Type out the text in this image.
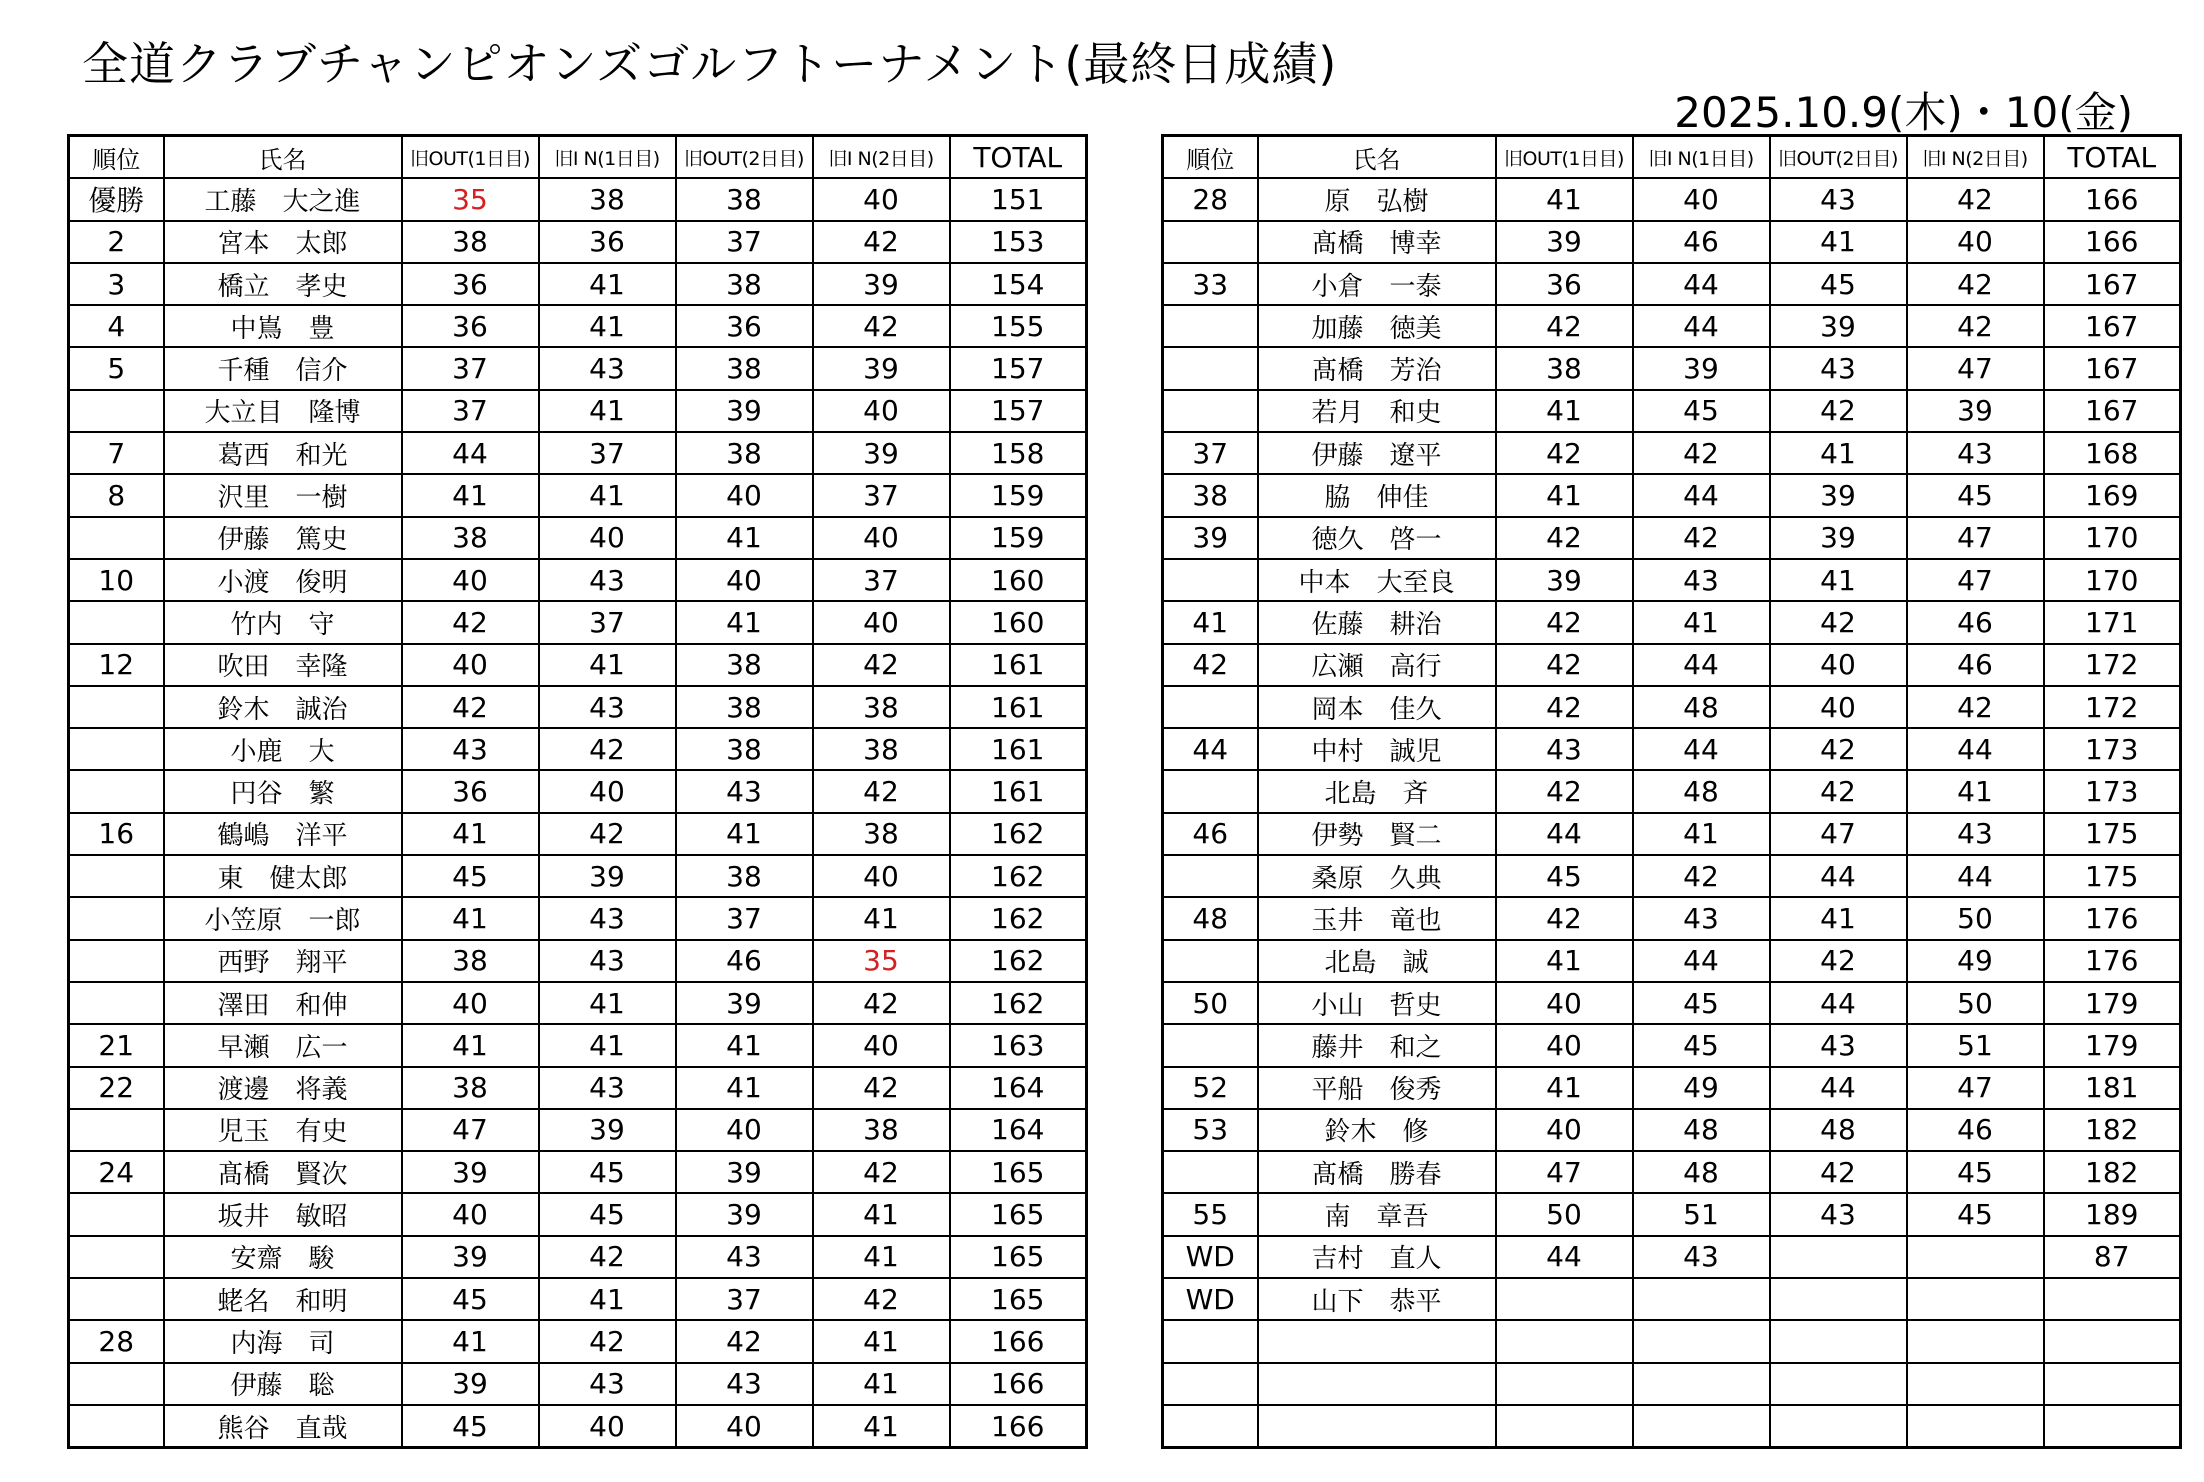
全道クラブチャンピオンズゴルフトーナメント(最終日成績)
2025.10.9(木)・10(金)
順位	氏名	旧OUT(1日目)	旧I N(1日目)	旧OUT(2日目)	旧I N(2日目)	TOTAL
優勝	工藤　大之進	35	38	38	40	151
2	宮本　太郎	38	36	37	42	153
3	橋立　孝史	36	41	38	39	154
4	中嶌　豊	36	41	36	42	155
5	千種　信介	37	43	38	39	157
	大立目　隆博	37	41	39	40	157
7	葛西　和光	44	37	38	39	158
8	沢里　一樹	41	41	40	37	159
	伊藤　篤史	38	40	41	40	159
10	小渡　俊明	40	43	40	37	160
	竹内　守	42	37	41	40	160
12	吹田　幸隆	40	41	38	42	161
	鈴木　誠治	42	43	38	38	161
	小鹿　大	43	42	38	38	161
	円谷　繁	36	40	43	42	161
16	鶴嶋　洋平	41	42	41	38	162
	東　健太郎	45	39	38	40	162
	小笠原　一郎	41	43	37	41	162
	西野　翔平	38	43	46	35	162
	澤田　和伸	40	41	39	42	162
21	早瀬　広一	41	41	41	40	163
22	渡邊　将義	38	43	41	42	164
	児玉　有史	47	39	40	38	164
24	髙橋　賢次	39	45	39	42	165
	坂井　敏昭	40	45	39	41	165
	安齋　駿	39	42	43	41	165
	蛯名　和明	45	41	37	42	165
28	内海　司	41	42	42	41	166
	伊藤　聡	39	43	43	41	166
	熊谷　直哉	45	40	40	41	166
順位	氏名	旧OUT(1日目)	旧I N(1日目)	旧OUT(2日目)	旧I N(2日目)	TOTAL
28	原　弘樹	41	40	43	42	166
	髙橋　博幸	39	46	41	40	166
33	小倉　一泰	36	44	45	42	167
	加藤　徳美	42	44	39	42	167
	髙橋　芳治	38	39	43	47	167
	若月　和史	41	45	42	39	167
37	伊藤　遼平	42	42	41	43	168
38	脇　伸佳	41	44	39	45	169
39	徳久　啓一	42	42	39	47	170
	中本　大至良	39	43	41	47	170
41	佐藤　耕治	42	41	42	46	171
42	広瀬　高行	42	44	40	46	172
	岡本　佳久	42	48	40	42	172
44	中村　誠児	43	44	42	44	173
	北島　斉	42	48	42	41	173
46	伊勢　賢二	44	41	47	43	175
	桑原　久典	45	42	44	44	175
48	玉井　竜也	42	43	41	50	176
	北島　誠	41	44	42	49	176
50	小山　哲史	40	45	44	50	179
	藤井　和之	40	45	43	51	179
52	平船　俊秀	41	49	44	47	181
53	鈴木　修	40	48	48	46	182
	髙橋　勝春	47	48	42	45	182
55	南　章吾	50	51	43	45	189
WD	吉村　直人	44	43			87
WD	山下　恭平					
